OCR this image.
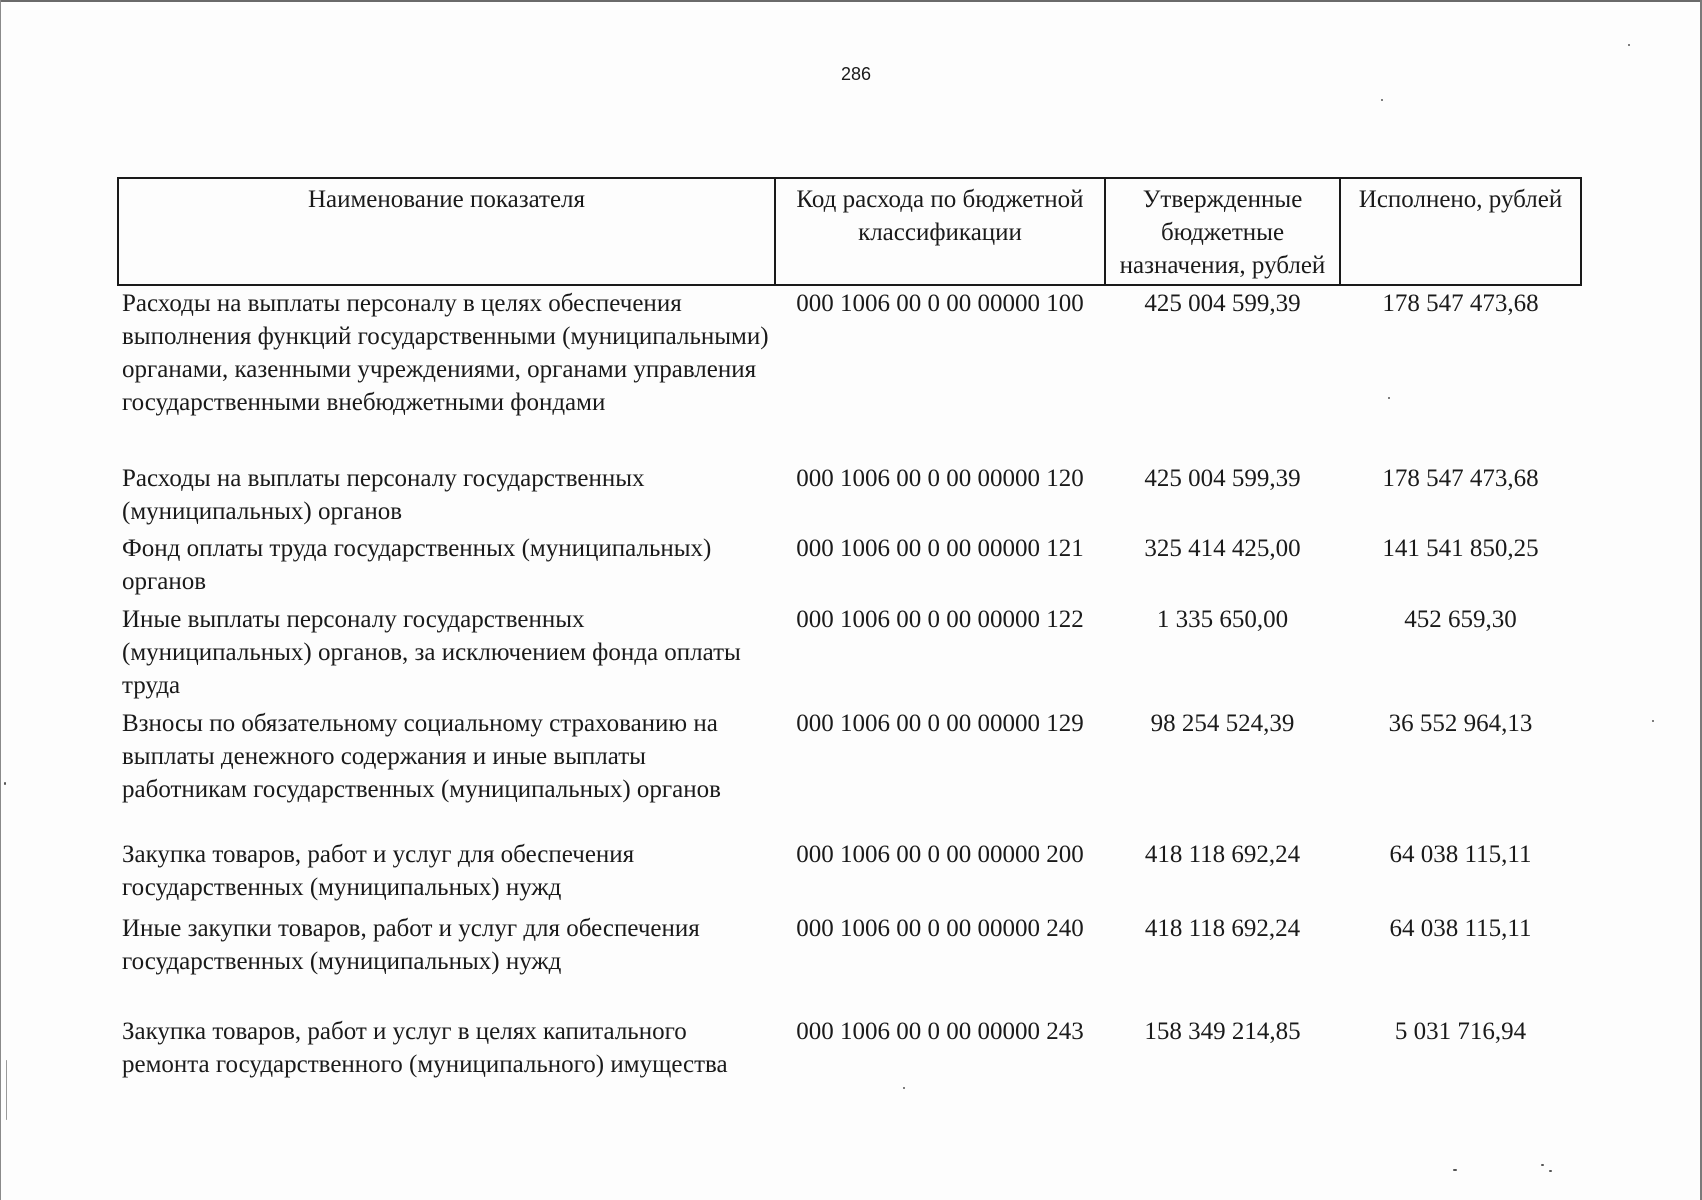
286
Наименование показателя	Код расхода по бюджетной классификации	Утвержденные бюджетные назначения, рублей	Исполнено, рублей
Расходы на выплаты персоналу в целях обеспечения выполнения функций государственными (муниципальными) органами, казенными учреждениями, органами управления государственными внебюджетными фондами	000 1006 00 0 00 00000 100	425 004 599,39	178 547 473,68
Расходы на выплаты персоналу государственных (муниципальных) органов	000 1006 00 0 00 00000 120	425 004 599,39	178 547 473,68
Фонд оплаты труда государственных (муниципальных) органов	000 1006 00 0 00 00000 121	325 414 425,00	141 541 850,25
Иные выплаты персоналу государственных (муниципальных) органов, за исключением фонда оплаты труда	000 1006 00 0 00 00000 122	1 335 650,00	452 659,30
Взносы по обязательному социальному страхованию на выплаты денежного содержания и иные выплаты работникам государственных (муниципальных) органов	000 1006 00 0 00 00000 129	98 254 524,39	36 552 964,13
Закупка товаров, работ и услуг для обеспечения государственных (муниципальных) нужд	000 1006 00 0 00 00000 200	418 118 692,24	64 038 115,11
Иные закупки товаров, работ и услуг для обеспечения государственных (муниципальных) нужд	000 1006 00 0 00 00000 240	418 118 692,24	64 038 115,11
Закупка товаров, работ и услуг в целях капитального ремонта государственного (муниципального) имущества	000 1006 00 0 00 00000 243	158 349 214,85	5 031 716,94
